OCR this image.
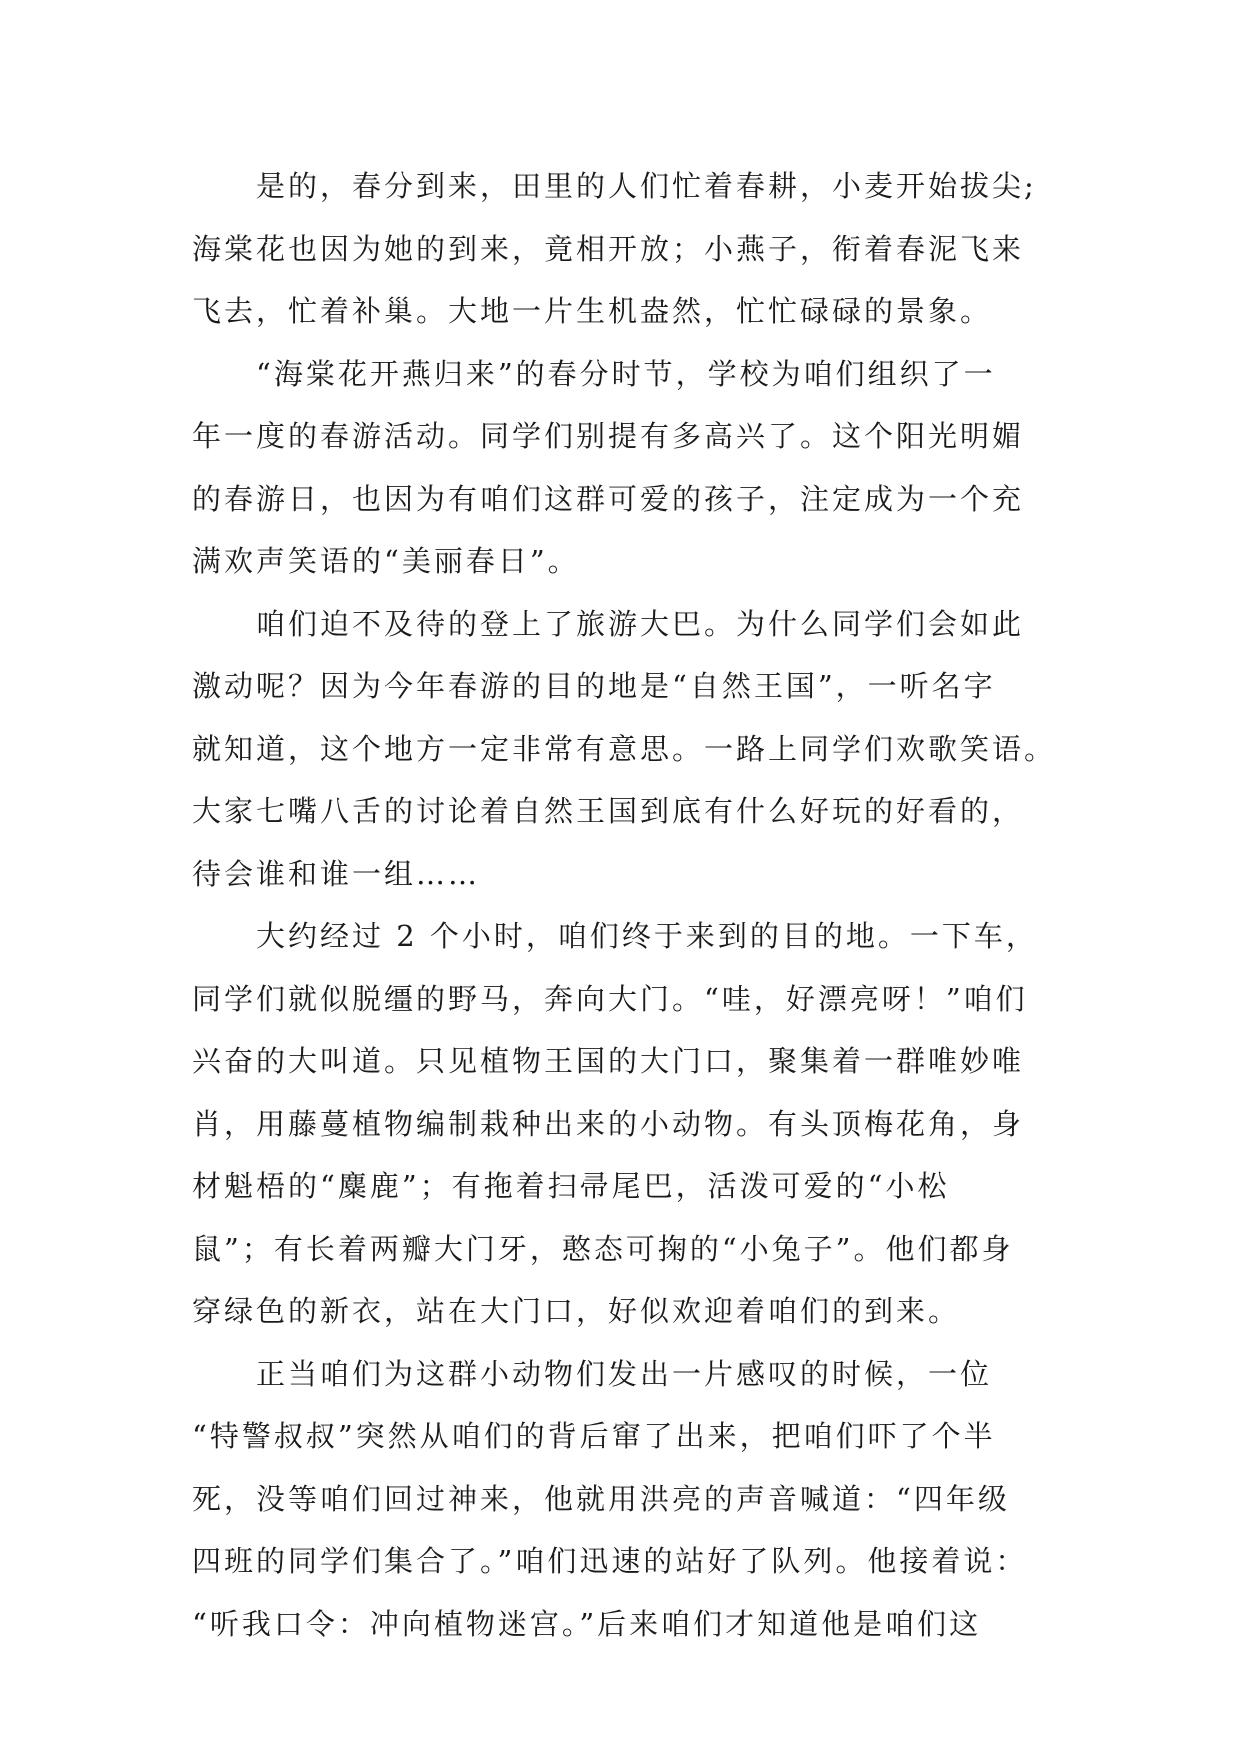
是的，春分到来，田里的人们忙着春耕，小麦开始拔尖;
海棠花也因为她的到来，竟相开放；小燕子，衔着春泥飞来
飞去，忙着补巢。大地一片生机盎然，忙忙碌碌的景象。
“海棠花开燕归来”的春分时节，学校为咱们组织了一
年一度的春游活动。同学们别提有多高兴了。这个阳光明媚
的春游日，也因为有咱们这群可爱的孩子，注定成为一个充
满欢声笑语的“美丽春日”。
咱们迫不及待的登上了旅游大巴。为什么同学们会如此
激动呢？因为今年春游的目的地是“自然王国”，一听名字
就知道，这个地方一定非常有意思。一路上同学们欢歌笑语。
大家七嘴八舌的讨论着自然王国到底有什么好玩的好看的，
待会谁和谁一组……
大约经过 2 个小时，咱们终于来到的目的地。一下车，
同学们就似脱缰的野马，奔向大门。“哇，好漂亮呀！”咱们
兴奋的大叫道。只见植物王国的大门口，聚集着一群唯妙唯
肖，用藤蔓植物编制栽种出来的小动物。有头顶梅花角，身
材魁梧的“麋鹿”；有拖着扫帚尾巴，活泼可爱的“小松
鼠”；有长着两瓣大门牙，憨态可掬的“小兔子”。他们都身
穿绿色的新衣，站在大门口，好似欢迎着咱们的到来。
正当咱们为这群小动物们发出一片感叹的时候，一位
“特警叔叔”突然从咱们的背后窜了出来，把咱们吓了个半
死，没等咱们回过神来，他就用洪亮的声音喊道：“四年级
四班的同学们集合了。”咱们迅速的站好了队列。他接着说：
“听我口令：冲向植物迷宫。”后来咱们才知道他是咱们这
